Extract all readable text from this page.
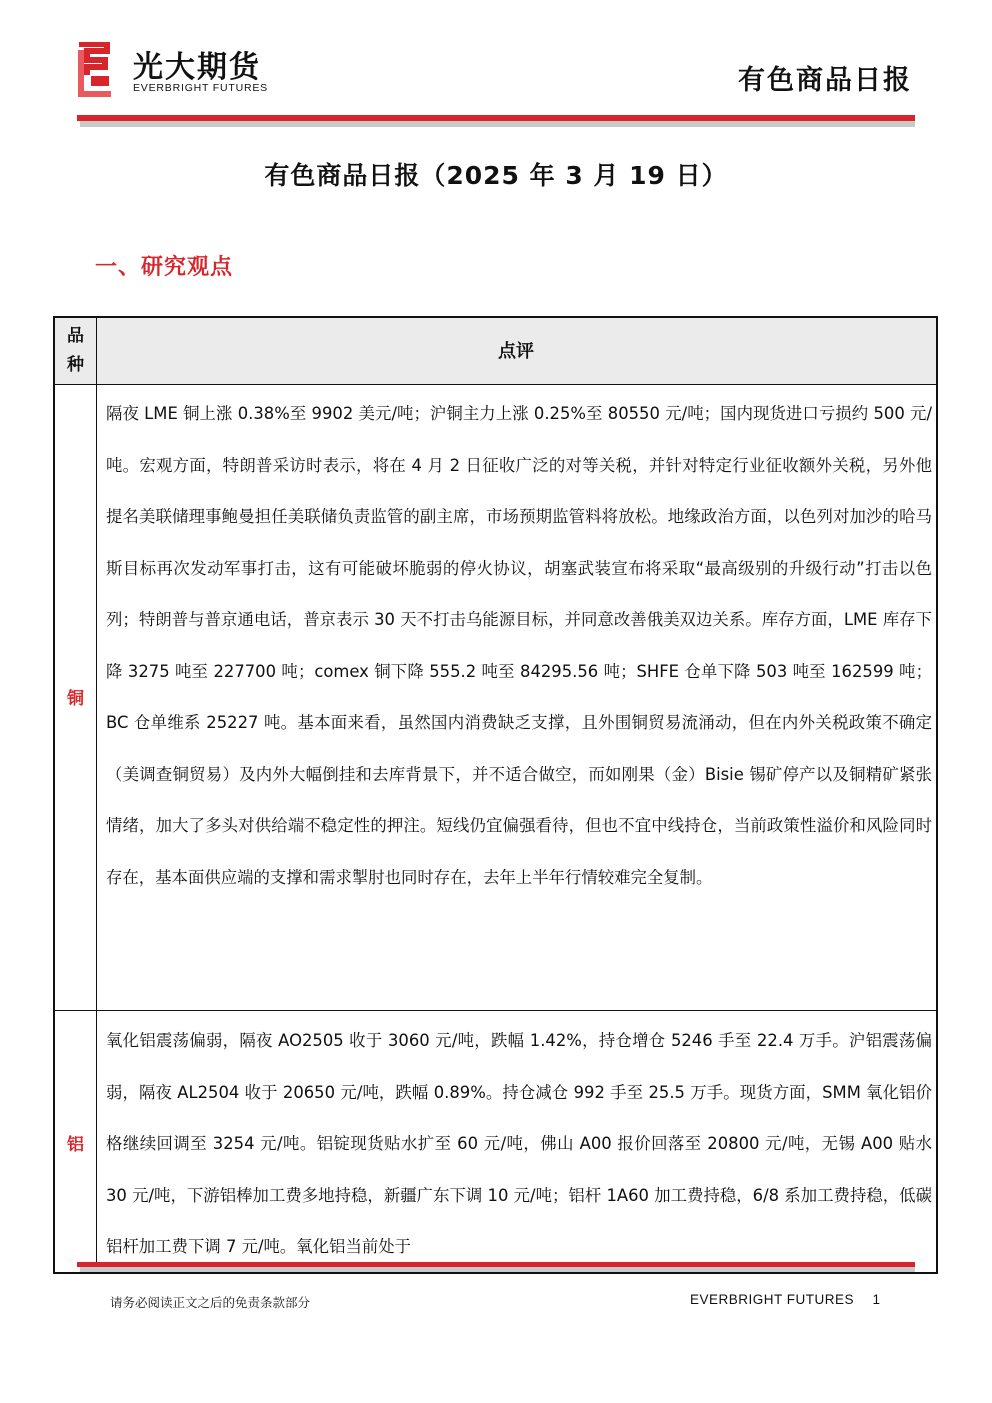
光大期货
EVERBRIGHT FUTURES	有色商品日报
有色商品日报（2025 年 3 月 19 日）
一、研究观点
品种
点评
铜

隔夜 LME 铜上涨 0.38%至 9902 美元/吨；沪铜主力上涨 0.25%至 80550 元/吨；国内现货进口亏损约 500 元/吨。宏观方面，特朗普采访时表示，将在 4 月 2 日征收广泛的对等关税，并针对特定行业征收额外关税，另外他提名美联储理事鲍曼担任美联储负责监管的副主席，市场预期监管料将放松。地缘政治方面，以色列对加沙的哈马斯目标再次发动军事打击，这有可能破坏脆弱的停火协议，胡塞武装宣布将采取“最高级别的升级行动”打击以色列；特朗普与普京通电话，普京表示 30 天不打击乌能源目标，并同意改善俄美双边关系。库存方面，LME 库存下降 3275 吨至 227700 吨；comex 铜下降 555.2 吨至 84295.56 吨；SHFE 仓单下降 503 吨至 162599 吨；BC 仓单维系 25227 吨。基本面来看，虽然国内消费缺乏支撑，且外围铜贸易流涌动，但在内外关税政策不确定（美调查铜贸易）及内外大幅倒挂和去库背景下，并不适合做空，而如刚果（金）Bisie 锡矿停产以及铜精矿紧张情绪，加大了多头对供给端不稳定性的押注。短线仍宜偏强看待，但也不宜中线持仓，当前政策性溢价和风险同时存在，基本面供应端的支撑和需求掣肘也同时存在，去年上半年行情较难完全复制。

铝

氧化铝震荡偏弱，隔夜 AO2505 收于 3060 元/吨，跌幅 1.42%，持仓增仓 5246 手至 22.4 万手。沪铝震荡偏弱，隔夜 AL2504 收于 20650 元/吨，跌幅 0.89%。持仓减仓 992 手至 25.5 万手。现货方面，SMM 氧化铝价格继续回调至 3254 元/吨。铝锭现货贴水扩至 60 元/吨，佛山 A00 报价回落至 20800 元/吨，无锡 A00 贴水 30 元/吨，下游铝棒加工费多地持稳，新疆广东下调 10 元/吨；铝杆 1A60 加工费持稳，6/8 系加工费持稳，低碳铝杆加工费下调 7 元/吨。氧化铝当前处于

请务必阅读正文之后的免责条款部分	EVERBRIGHT FUTURES 1
